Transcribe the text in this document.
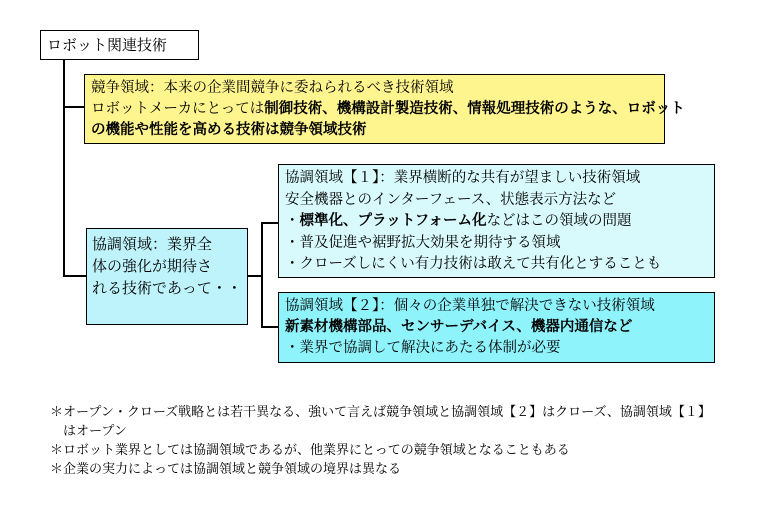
ロボット関連技術
競争領域：本来の企業間競争に委ねられるべき技術領域
ロボットメーカにとっては制御技術、機構設計製造技術、情報処理技術のような、ロボット
の機能や性能を高める技術は競争領域技術
協調領域：業界全
体の強化が期待さ
れる技術であって・・
協調領域【１】：業界横断的な共有が望ましい技術領域
安全機器とのインターフェース、状態表示方法など
・標準化、プラットフォーム化などはこの領域の問題
・普及促進や裾野拡大効果を期待する領域
・クローズしにくい有力技術は敢えて共有化とすることも
協調領域【２】：個々の企業単独で解決できない技術領域
新素材機構部品、センサーデバイス、機器内通信など
・業界で協調して解決にあたる体制が必要
＊オープン・クローズ戦略とは若干異なる、強いて言えば競争領域と協調領域【２】はクローズ、協調領域【１】
　はオープン
＊ロボット業界としては協調領域であるが、他業界にとっての競争領域となることもある
＊企業の実力によっては協調領域と競争領域の境界は異なる
